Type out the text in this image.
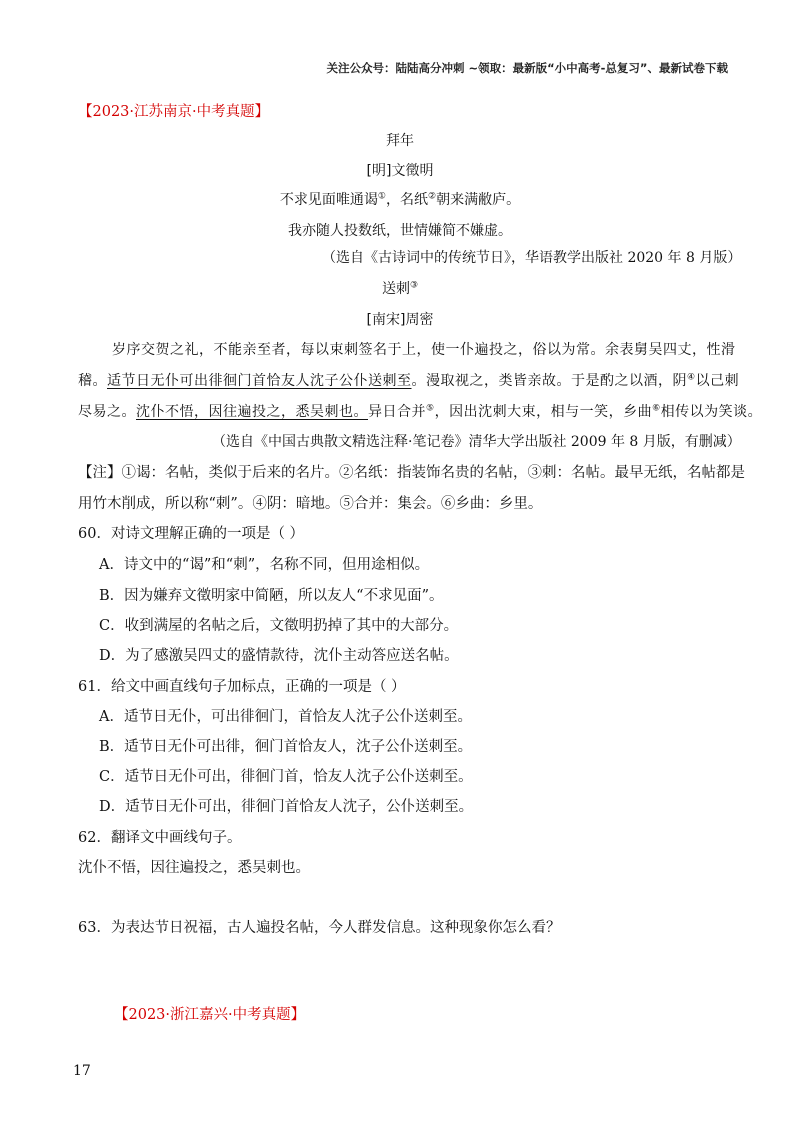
关注公众号：陆陆高分冲刺 ~领取：最新版“小中高考-总复习”、最新试卷下载
【2023·江苏南京·中考真题】
拜年
[明]文徵明
不求见面唯通谒①，名纸②朝来满敝庐。
我亦随人投数纸，世情嫌简不嫌虚。
（选自《古诗词中的传统节日》，华语教学出版社 2020 年 8 月版）
送刺③
[南宋]周密
岁序交贺之礼，不能亲至者，每以束刺签名于上，使一仆遍投之，俗以为常。余表舅吴四丈，性滑
稽。适节日无仆可出徘徊门首恰友人沈子公仆送刺至。漫取视之，类皆亲故。于是酌之以酒，阴④以己刺
尽易之。沈仆不悟，因往遍投之，悉吴刺也。异日合并⑤，因出沈刺大束，相与一笑，乡曲⑥相传以为笑谈。
（选自《中国古典散文精选注释·笔记卷》清华大学出版社 2009 年 8 月版，有删减）
【注】①谒：名帖，类似于后来的名片。②名纸：指装饰名贵的名帖，③刺：名帖。最早无纸，名帖都是
用竹木削成，所以称“刺”。④阴：暗地。⑤合并：集会。⑥乡曲：乡里。
60．对诗文理解正确的一项是（ ）
A．诗文中的“谒”和“刺”，名称不同，但用途相似。
B．因为嫌弃文徵明家中简陋，所以友人“不求见面”。
C．收到满屋的名帖之后，文徵明扔掉了其中的大部分。
D．为了感激吴四丈的盛情款待，沈仆主动答应送名帖。
61．给文中画直线句子加标点，正确的一项是（ ）
A．适节日无仆，可出徘徊门，首恰友人沈子公仆送刺至。
B．适节日无仆可出徘，徊门首恰友人，沈子公仆送刺至。
C．适节日无仆可出，徘徊门首，恰友人沈子公仆送刺至。
D．适节日无仆可出，徘徊门首恰友人沈子，公仆送刺至。
62．翻译文中画线句子。
沈仆不悟，因往遍投之，悉吴刺也。
63．为表达节日祝福，古人遍投名帖，今人群发信息。这种现象你怎么看？
【2023·浙江嘉兴·中考真题】
17
